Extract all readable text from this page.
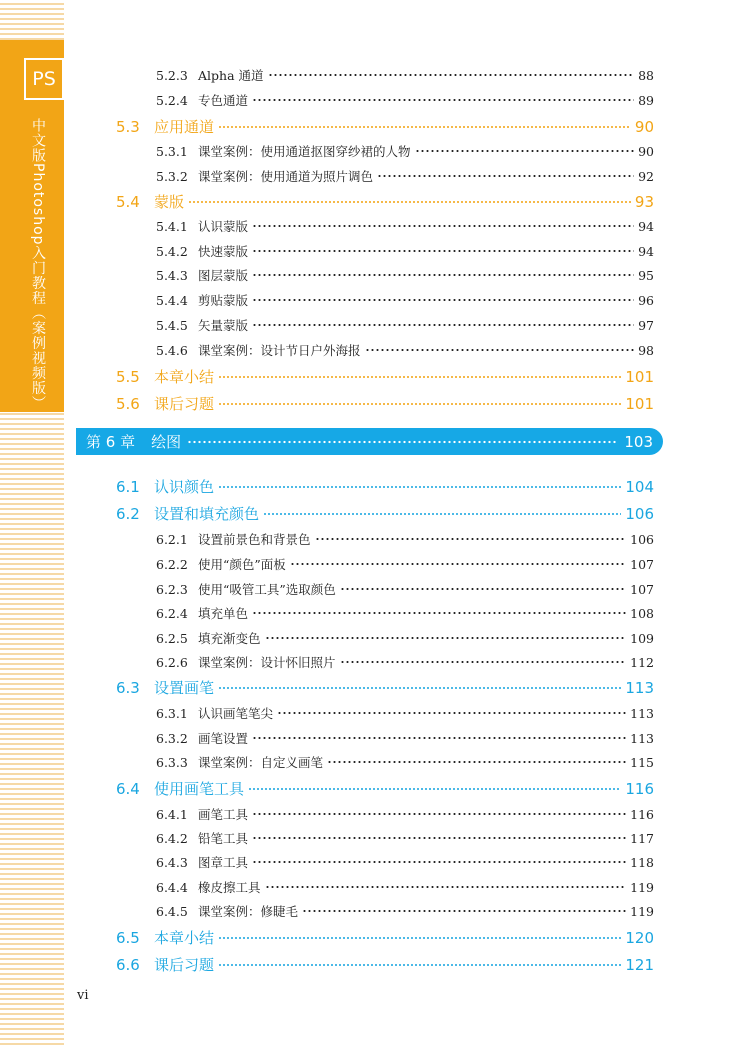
PS
中文版Photoshop入门教程（案例视频版）
5.2.3 Alpha 通道	88
5.2.4 专色通道	89
5.3 应用通道	90
5.3.1 课堂案例：使用通道抠图穿纱裙的人物	90
5.3.2 课堂案例：使用通道为照片调色	92
5.4 蒙版	93
5.4.1 认识蒙版	94
5.4.2 快速蒙版	94
5.4.3 图层蒙版	95
5.4.4 剪贴蒙版	96
5.4.5 矢量蒙版	97
5.4.6 课堂案例：设计节日户外海报	98
5.5 本章小结	101
5.6 课后习题	101
第 6 章 绘图	103
6.1 认识颜色	104
6.2 设置和填充颜色	106
6.2.1 设置前景色和背景色	106
6.2.2 使用“颜色”面板	107
6.2.3 使用“吸管工具”选取颜色	107
6.2.4 填充单色	108
6.2.5 填充渐变色	109
6.2.6 课堂案例：设计怀旧照片	112
6.3 设置画笔	113
6.3.1 认识画笔笔尖	113
6.3.2 画笔设置	113
6.3.3 课堂案例：自定义画笔	115
6.4 使用画笔工具	116
6.4.1 画笔工具	116
6.4.2 铅笔工具	117
6.4.3 图章工具	118
6.4.4 橡皮擦工具	119
6.4.5 课堂案例：修睫毛	119
6.5 本章小结	120
6.6 课后习题	121
vi
